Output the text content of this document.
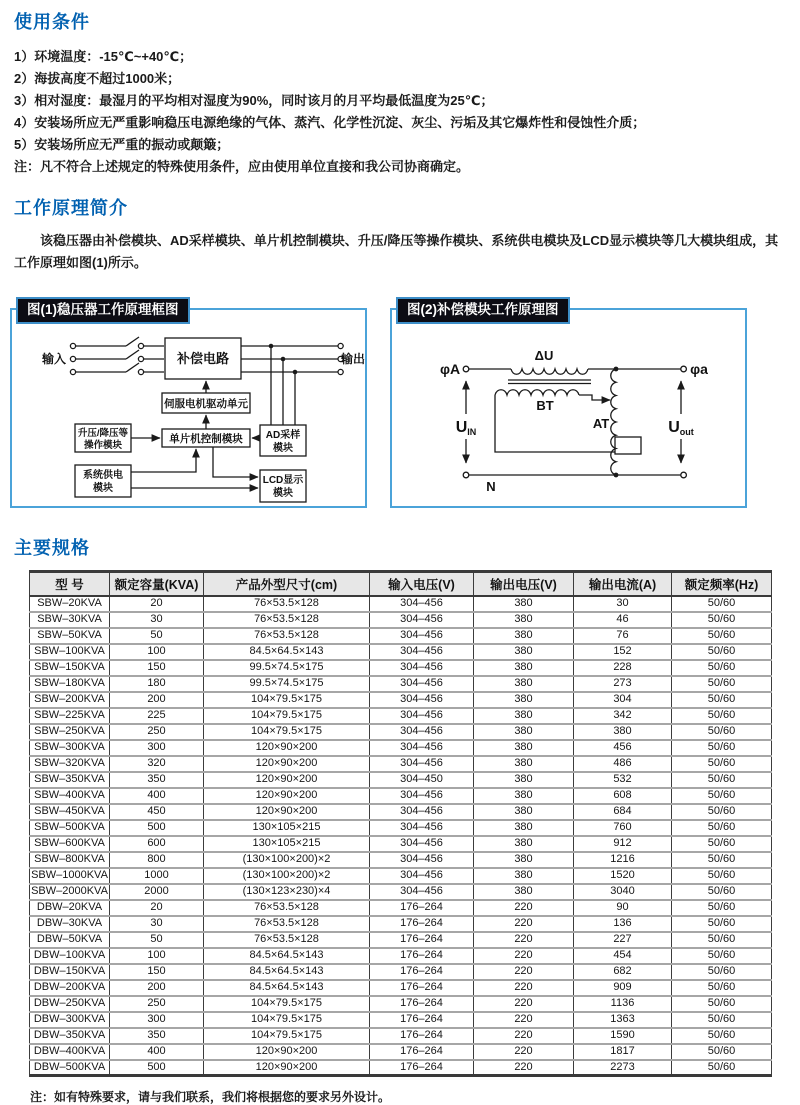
使用条件
1）环境温度：-15℃~+40℃；
2）海拔高度不超过1000米；
3）相对湿度：最湿月的平均相对湿度为90%，同时该月的月平均最低温度为25℃；
4）安装场所应无严重影响稳压电源绝缘的气体、蒸汽、化学性沉淀、灰尘、污垢及其它爆炸性和侵蚀性介质；
5）安装场所应无严重的振动或颠簸；
注：凡不符合上述规定的特殊使用条件，应由使用单位直接和我公司协商确定。
工作原理简介
该稳压器由补偿模块、AD采样模块、单片机控制模块、升压/降压等操作模块、系统供电模块及LCD显示模块等几大模块组成，其工作原理如图(1)所示。
图(1)稳压器工作原理框图
输入	输出
补偿电路
伺服电机驱动单元
单片机控制模块
升压/降压等
操作模块
AD采样
模块
系统供电
模块
LCD显示
模块
图(2)补偿模块工作原理图
ΔU
φA	φa
BT
AT
N
UIN	Uout
主要规格
型 号	额定容量(KVA)	产品外型尺寸(cm)	输入电压(V)	输出电压(V)	输出电流(A)	额定频率(Hz)
SBW–20KVA	20	76×53.5×128	304–456	380	30	50/60
SBW–30KVA	30	76×53.5×128	304–456	380	46	50/60
SBW–50KVA	50	76×53.5×128	304–456	380	76	50/60
SBW–100KVA	100	84.5×64.5×143	304–456	380	152	50/60
SBW–150KVA	150	99.5×74.5×175	304–456	380	228	50/60
SBW–180KVA	180	99.5×74.5×175	304–456	380	273	50/60
SBW–200KVA	200	104×79.5×175	304–456	380	304	50/60
SBW–225KVA	225	104×79.5×175	304–456	380	342	50/60
SBW–250KVA	250	104×79.5×175	304–456	380	380	50/60
SBW–300KVA	300	120×90×200	304–456	380	456	50/60
SBW–320KVA	320	120×90×200	304–456	380	486	50/60
SBW–350KVA	350	120×90×200	304–450	380	532	50/60
SBW–400KVA	400	120×90×200	304–456	380	608	50/60
SBW–450KVA	450	120×90×200	304–456	380	684	50/60
SBW–500KVA	500	130×105×215	304–456	380	760	50/60
SBW–600KVA	600	130×105×215	304–456	380	912	50/60
SBW–800KVA	800	(130×100×200)×2	304–456	380	1216	50/60
SBW–1000KVA	1000	(130×100×200)×2	304–456	380	1520	50/60
SBW–2000KVA	2000	(130×123×230)×4	304–456	380	3040	50/60
DBW–20KVA	20	76×53.5×128	176–264	220	90	50/60
DBW–30KVA	30	76×53.5×128	176–264	220	136	50/60
DBW–50KVA	50	76×53.5×128	176–264	220	227	50/60
DBW–100KVA	100	84.5×64.5×143	176–264	220	454	50/60
DBW–150KVA	150	84.5×64.5×143	176–264	220	682	50/60
DBW–200KVA	200	84.5×64.5×143	176–264	220	909	50/60
DBW–250KVA	250	104×79.5×175	176–264	220	1136	50/60
DBW–300KVA	300	104×79.5×175	176–264	220	1363	50/60
DBW–350KVA	350	104×79.5×175	176–264	220	1590	50/60
DBW–400KVA	400	120×90×200	176–264	220	1817	50/60
DBW–500KVA	500	120×90×200	176–264	220	2273	50/60
注：如有特殊要求，请与我们联系，我们将根据您的要求另外设计。
